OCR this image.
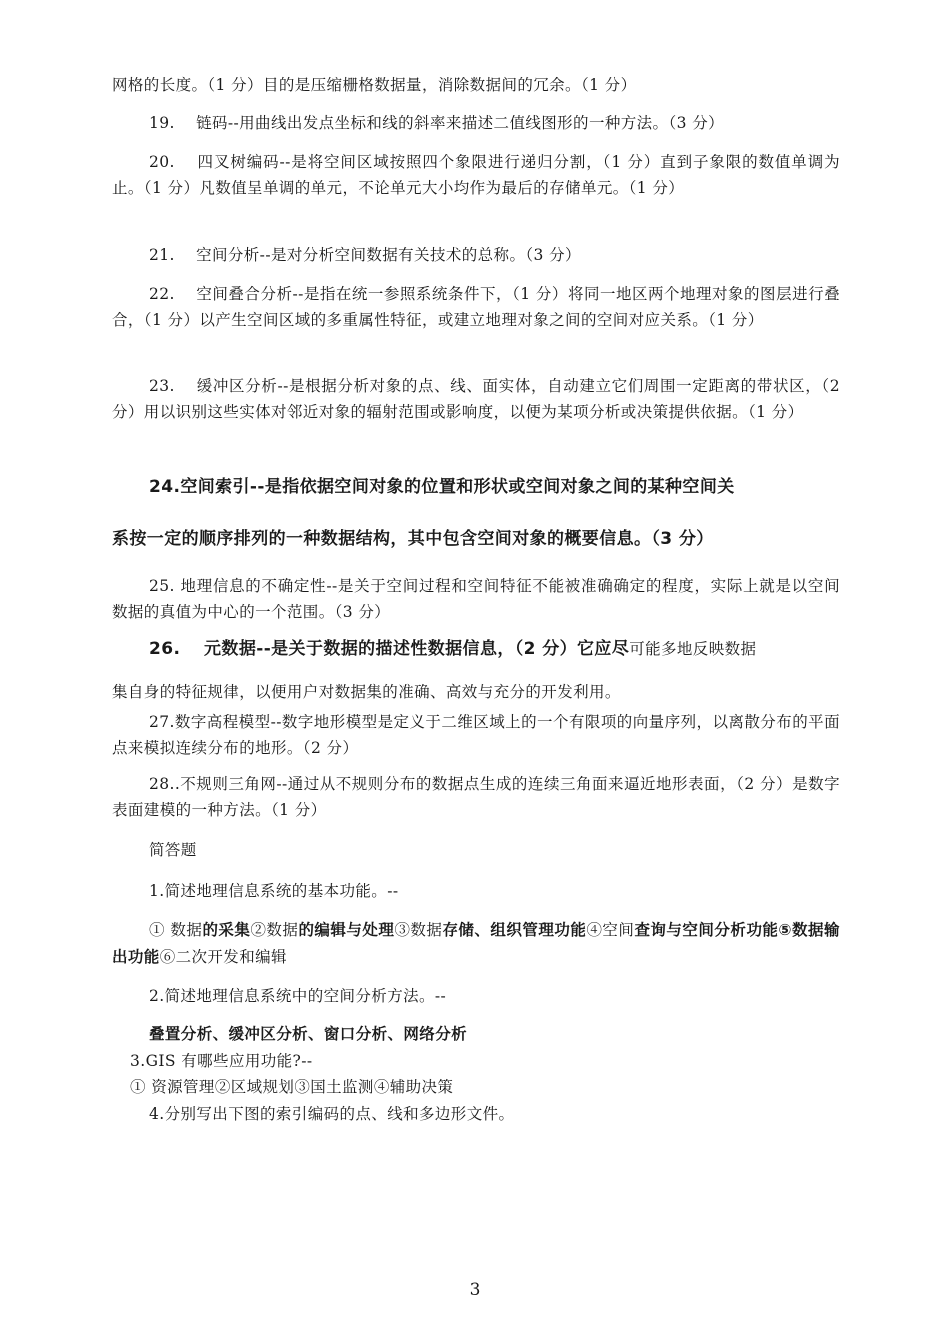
网格的长度。（1 分）目的是压缩栅格数据量，消除数据间的冗余。（1 分）

19.　 链码--用曲线出发点坐标和线的斜率来描述二值线图形的一种方法。（3 分）

20.　 四叉树编码--是将空间区域按照四个象限进行递归分割，（1 分）直到子象限的数值单调为止。（1 分）凡数值呈单调的单元，不论单元大小均作为最后的存储单元。（1 分）

21.　 空间分析--是对分析空间数据有关技术的总称。（3 分）

22.　 空间叠合分析--是指在统一参照系统条件下，（1 分）将同一地区两个地理对象的图层进行叠合，（1 分）以产生空间区域的多重属性特征，或建立地理对象之间的空间对应关系。（1 分）

23.　 缓冲区分析--是根据分析对象的点、线、面实体，自动建立它们周围一定距离的带状区，（2 分）用以识别这些实体对邻近对象的辐射范围或影响度，以便为某项分析或决策提供依据。（1 分）

24.空间索引--是指依据空间对象的位置和形状或空间对象之间的某种空间关

系按一定的顺序排列的一种数据结构，其中包含空间对象的概要信息。（3 分）

25. 地理信息的不确定性--是关于空间过程和空间特征不能被准确确定的程度，实际上就是以空间数据的真值为中心的一个范围。（3 分）

26.　 元数据--是关于数据的描述性数据信息，（2 分）它应尽可能多地反映数据

集自身的特征规律，以便用户对数据集的准确、高效与充分的开发利用。

27.数字高程模型--数字地形模型是定义于二维区域上的一个有限项的向量序列，以离散分布的平面点来模拟连续分布的地形。（2 分）

28..不规则三角网--通过从不规则分布的数据点生成的连续三角面来逼近地形表面，（2 分）是数字表面建模的一种方法。（1 分）

简答题

1.简述地理信息系统的基本功能。--

① 数据的采集②数据的编辑与处理③数据存储、组织管理功能④空间查询与空间分析功能⑤数据输出功能⑥二次开发和编辑

2.简述地理信息系统中的空间分析方法。--

叠置分析、缓冲区分析、窗口分析、网络分析

3.GIS 有哪些应用功能?--

① 资源管理②区域规划③国土监测④辅助决策

4.分别写出下图的索引编码的点、线和多边形文件。

3
